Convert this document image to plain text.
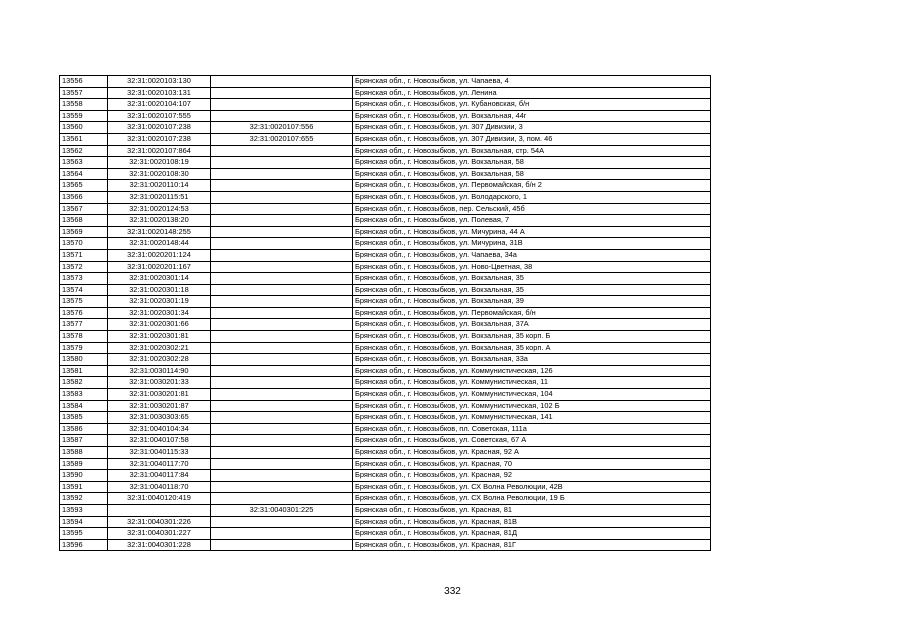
13556	32:31:0020103:130		Брянская обл., г. Новозыбков, ул. Чапаева, 4
13557	32:31:0020103:131		Брянская обл., г. Новозыбков, ул. Ленина
13558	32:31:0020104:107		Брянская обл., г. Новозыбков, ул. Кубановская, б/н
13559	32:31:0020107:555		Брянская обл., г. Новозыбков, ул. Вокзальная, 44г
13560	32:31:0020107:238	32:31:0020107:556	Брянская обл., г. Новозыбков, ул. 307 Дивизии, 3
13561	32:31:0020107:238	32:31:0020107:655	Брянская обл., г. Новозыбков, ул. 307 Дивизии, 3, пом. 46
13562	32:31:0020107:864		Брянская обл., г. Новозыбков, ул. Вокзальная, стр. 54А
13563	32:31:0020108:19		Брянская обл., г. Новозыбков, ул. Вокзальная, 58
13564	32:31:0020108:30		Брянская обл., г. Новозыбков, ул. Вокзальная, 58
13565	32:31:0020110:14		Брянская обл., г. Новозыбков, ул. Первомайская, б/н 2
13566	32:31:0020115:51		Брянская обл., г. Новозыбков, ул. Володарского, 1
13567	32:31:0020124:53		Брянская обл., г. Новозыбков, пер. Сельский, 45б
13568	32:31:0020138:20		Брянская обл., г. Новозыбков, ул. Полевая, 7
13569	32:31:0020148:255		Брянская обл., г. Новозыбков, ул. Мичурина, 44 А
13570	32:31:0020148:44		Брянская обл., г. Новозыбков, ул. Мичурина, 31В
13571	32:31:0020201:124		Брянская обл., г. Новозыбков, ул. Чапаева, 34а
13572	32:31:0020201:167		Брянская обл., г. Новозыбков, ул. Ново-Цветная, 38
13573	32:31:0020301:14		Брянская обл., г. Новозыбков, ул. Вокзальная, 35
13574	32:31:0020301:18		Брянская обл., г. Новозыбков, ул. Вокзальная, 35
13575	32:31:0020301:19		Брянская обл., г. Новозыбков, ул. Вокзальная, 39
13576	32:31:0020301:34		Брянская обл., г. Новозыбков, ул. Первомайская, б/н
13577	32:31:0020301:66		Брянская обл., г. Новозыбков, ул. Вокзальная, 37А
13578	32:31:0020301:81		Брянская обл., г. Новозыбков, ул. Вокзальная, 35 корп. Б
13579	32:31:0020302:21		Брянская обл., г. Новозыбков, ул. Вокзальная, 35 корп. А
13580	32:31:0020302:28		Брянская обл., г. Новозыбков, ул. Вокзальная, 33а
13581	32:31:0030114:90		Брянская обл., г. Новозыбков, ул. Коммунистическая, 126
13582	32:31:0030201:33		Брянская обл., г. Новозыбков, ул. Коммунистическая, 11
13583	32:31:0030201:81		Брянская обл., г. Новозыбков, ул. Коммунистическая, 104
13584	32:31:0030201:87		Брянская обл., г. Новозыбков, ул. Коммунистическая, 102 Б
13585	32:31:0030303:65		Брянская обл., г. Новозыбков, ул. Коммунистическая, 141
13586	32:31:0040104:34		Брянская обл., г. Новозыбков, пл. Советская, 111а
13587	32:31:0040107:58		Брянская обл., г. Новозыбков, ул. Советская, 67 А
13588	32:31:0040115:33		Брянская обл., г. Новозыбков, ул. Красная, 92 А
13589	32:31:0040117:70		Брянская обл., г. Новозыбков, ул. Красная, 70
13590	32:31:0040117:84		Брянская обл., г. Новозыбков, ул. Красная, 92
13591	32:31:0040118:70		Брянская обл., г. Новозыбков, ул. СХ Волна Революции, 42В
13592	32:31:0040120:419		Брянская обл., г. Новозыбков, ул. СХ Волна Революции, 19 Б
13593		32:31:0040301:225	Брянская обл., г. Новозыбков, ул. Красная, 81
13594	32:31:0040301:226		Брянская обл., г. Новозыбков, ул. Красная, 81В
13595	32:31:0040301:227		Брянская обл., г. Новозыбков, ул. Красная, 81Д
13596	32:31:0040301:228		Брянская обл., г. Новозыбков, ул. Красная, 81Г
332
